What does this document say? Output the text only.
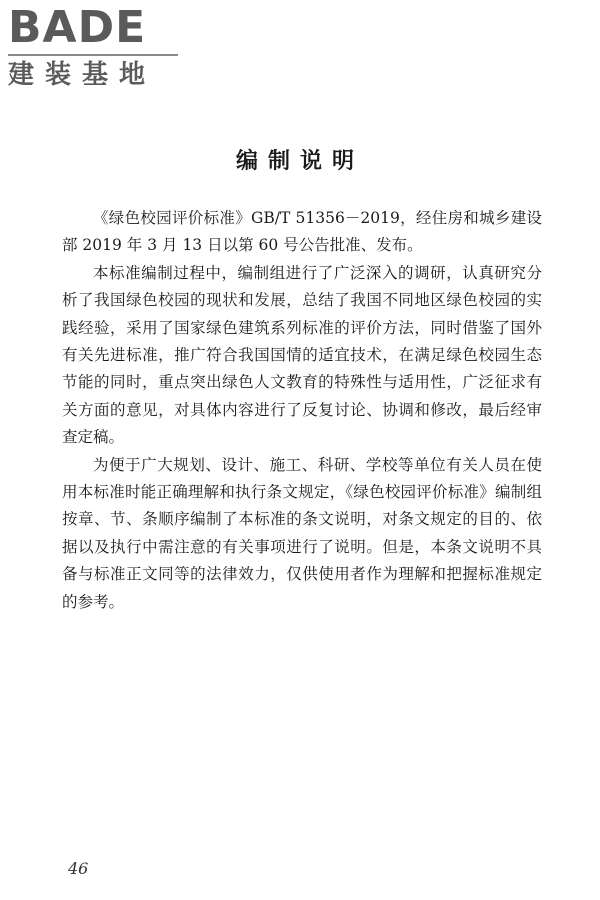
BADE
建装基地
编制说明

《绿色校园评价标准》GB/T 51356－2019，经住房和城乡建设部 2019 年 3 月 13 日以第 60 号公告批准、发布。

本标准编制过程中，编制组进行了广泛深入的调研，认真研究分析了我国绿色校园的现状和发展，总结了我国不同地区绿色校园的实践经验，采用了国家绿色建筑系列标准的评价方法，同时借鉴了国外有关先进标准，推广符合我国国情的适宜技术，在满足绿色校园生态节能的同时，重点突出绿色人文教育的特殊性与适用性，广泛征求有关方面的意见，对具体内容进行了反复讨论、协调和修改，最后经审查定稿。

为便于广大规划、设计、施工、科研、学校等单位有关人员在使用本标准时能正确理解和执行条文规定，《绿色校园评价标准》编制组按章、节、条顺序编制了本标准的条文说明，对条文规定的目的、依据以及执行中需注意的有关事项进行了说明。但是，本条文说明不具备与标准正文同等的法律效力，仅供使用者作为理解和把握标准规定的参考。

46
